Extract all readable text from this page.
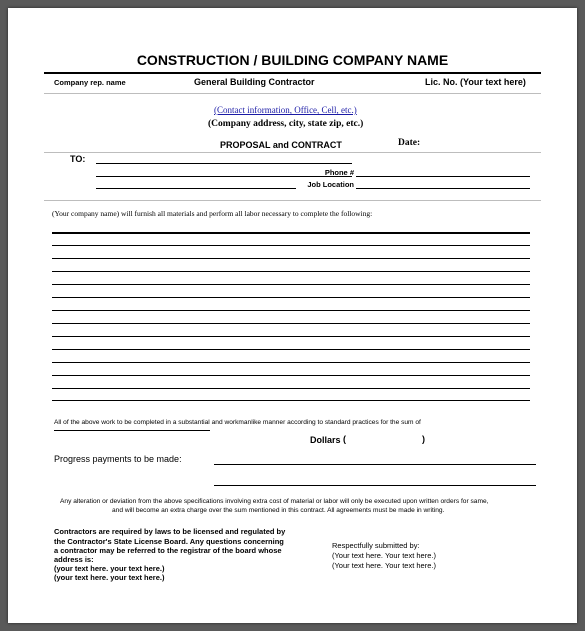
CONSTRUCTION / BUILDING COMPANY NAME
Company rep. name	General Building Contractor	Lic. No. (Your text here)
(Contact information, Office, Cell, etc.)
(Company address, city, state zip, etc.)
PROPOSAL and CONTRACT	Date:
TO:
Phone #
Job Location
(Your company name) will furnish all materials and perform all labor necessary to complete the following:
All of the above work to be completed in a substantial and workmanlike manner according to standard practices for the sum of
Dollars (	)
Progress payments to be made:
Any alteration or deviation from the above specifications involving extra cost of material or labor will only be executed upon written orders for same,
and will become an extra charge over the sum mentioned in this contract. All agreements must be made in writing.
Contractors are required by laws to be licensed and regulated by
the Contractor's State License Board. Any questions concerning
a contractor may be referred to the registrar of the board whose
address is:
(your text here. your text here.)
(your text here. your text here.)
Respectfully submitted by:
(Your text here. Your text here.)
(Your text here. Your text here.)
